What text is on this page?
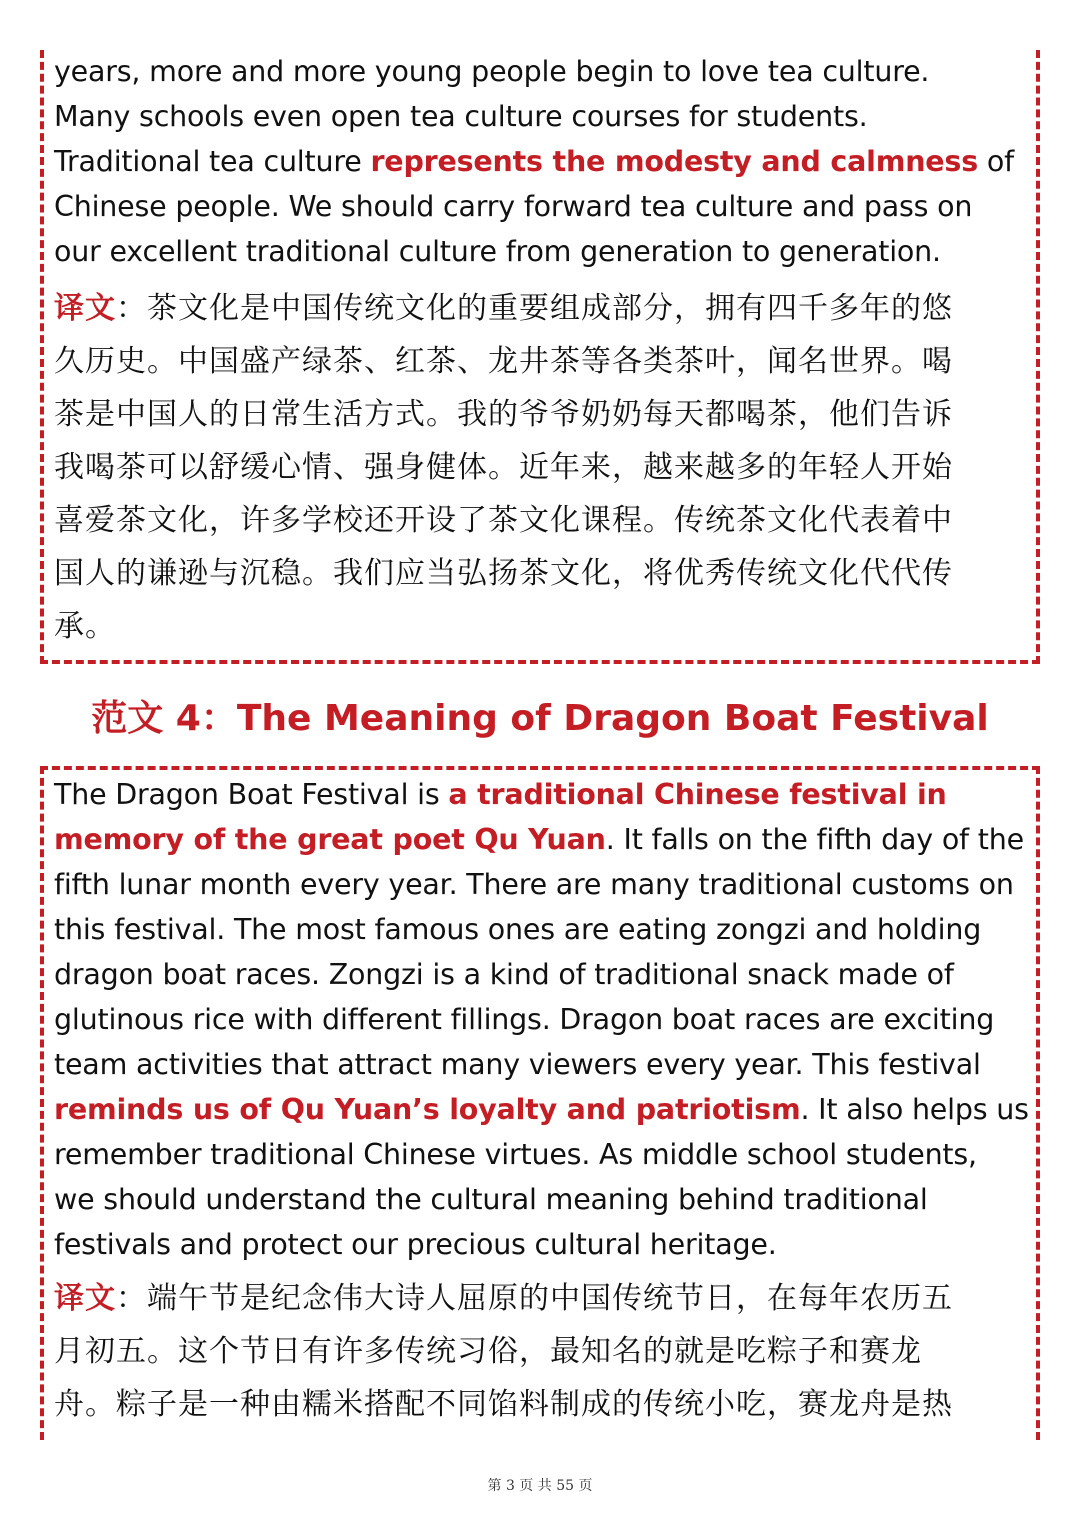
years, more and more young people begin to love tea culture.
Many schools even open tea culture courses for students.
Traditional tea culture represents the modesty and calmness of
Chinese people. We should carry forward tea culture and pass on
our excellent traditional culture from generation to generation.
译文：茶文化是中国传统文化的重要组成部分，拥有四千多年的悠
久历史。中国盛产绿茶、红茶、龙井茶等各类茶叶，闻名世界。喝
茶是中国人的日常生活方式。我的爷爷奶奶每天都喝茶，他们告诉
我喝茶可以舒缓心情、强身健体。近年来，越来越多的年轻人开始
喜爱茶文化，许多学校还开设了茶文化课程。传统茶文化代表着中
国人的谦逊与沉稳。我们应当弘扬茶文化，将优秀传统文化代代传
承。
范文 4：The Meaning of Dragon Boat Festival
The Dragon Boat Festival is a traditional Chinese festival in
memory of the great poet Qu Yuan. It falls on the fifth day of the
fifth lunar month every year. There are many traditional customs on
this festival. The most famous ones are eating zongzi and holding
dragon boat races. Zongzi is a kind of traditional snack made of
glutinous rice with different fillings. Dragon boat races are exciting
team activities that attract many viewers every year. This festival
reminds us of Qu Yuan’s loyalty and patriotism. It also helps us
remember traditional Chinese virtues. As middle school students,
we should understand the cultural meaning behind traditional
festivals and protect our precious cultural heritage.
译文：端午节是纪念伟大诗人屈原的中国传统节日，在每年农历五
月初五。这个节日有许多传统习俗，最知名的就是吃粽子和赛龙
舟。粽子是一种由糯米搭配不同馅料制成的传统小吃，赛龙舟是热
第 3 页 共 55 页
